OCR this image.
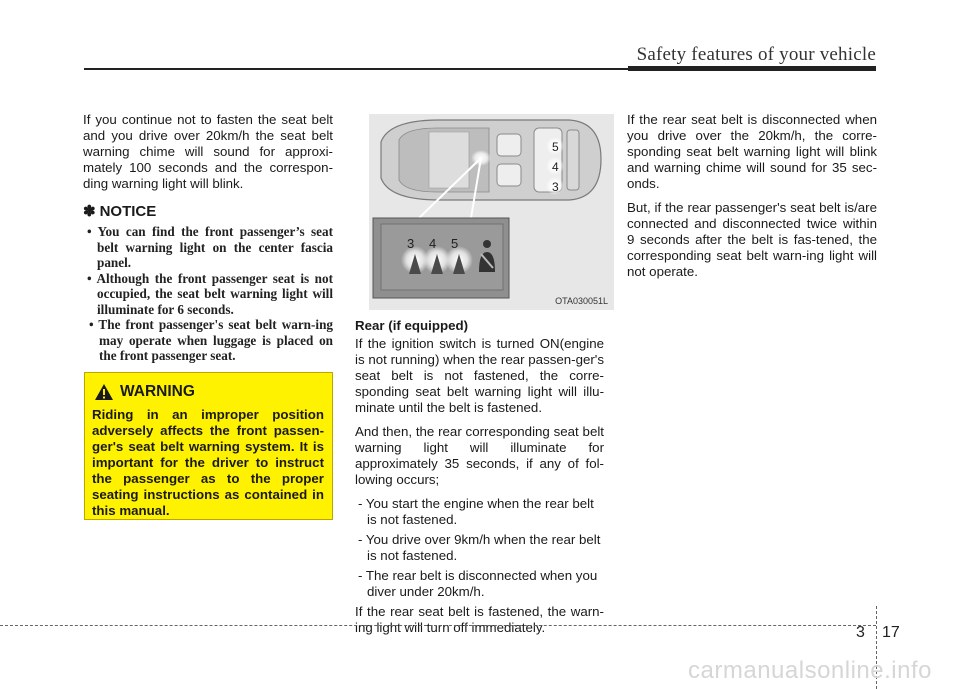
Safety features of your vehicle

If you continue not to fasten the seat belt and you drive over 20km/h the seat belt warning chime will sound for approxi-mately 100 seconds and the correspon-ding warning light will blink.

✽ NOTICE
• You can find the front passenger’s seat belt warning light on the center fascia panel.
• Although the front passenger seat is not occupied, the seat belt warning light will illuminate for 6 seconds.
• The front passenger's seat belt warn-ing may operate when luggage is placed on the front passenger seat.
WARNING
Riding in an improper position adversely affects the front passen-ger's seat belt warning system. It is important for the driver to instruct the passenger as to the proper seating instructions as contained in this manual.
5
4
3
3 4 5
OTA030051L

Rear (if equipped)

If the ignition switch is turned ON(engine is not running) when the rear passen-ger's seat belt is not fastened, the corre-sponding seat belt warning light will illu-minate until the belt is fastened.

And then, the rear corresponding seat belt warning light will illuminate for approximately 35 seconds, if any of fol-lowing occurs;

- You start the engine when the rear belt is not fastened.

- You drive over 9km/h when the rear belt is not fastened.

- The rear belt is disconnected when you diver under 20km/h.

If the rear seat belt is fastened, the warn-ing light will turn off immediately.

If the rear seat belt is disconnected when you drive over the 20km/h, the corre-sponding seat belt warning light will blink and warning chime will sound for 35 sec-onds.

But, if the rear passenger's seat belt is/are connected and disconnected twice within 9 seconds after the belt is fas-tened, the corresponding seat belt warn-ing light will not operate.

3 17
carmanualsonline.info
